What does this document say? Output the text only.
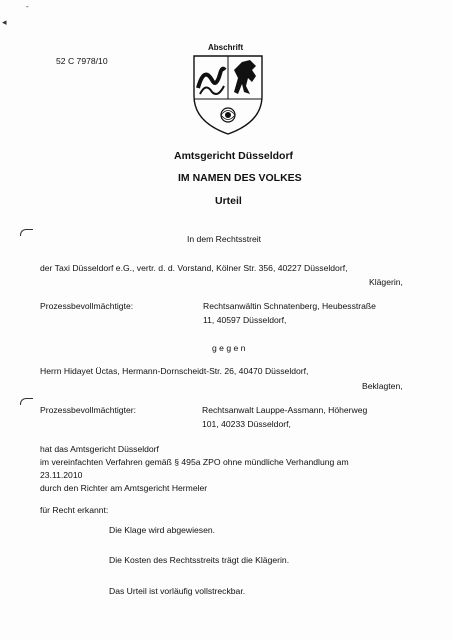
◂
-
Abschrift
52 C 7978/10
Amtsgericht Düsseldorf
IM NAMEN DES VOLKES
Urteil
In dem Rechtsstreit
der Taxi Düsseldorf e.G., vertr. d. d. Vorstand, Kölner Str. 356, 40227 Düsseldorf,
Klägerin,
Prozessbevollmächtigte:	Rechtsanwältin Schnatenberg, Heubesstraße
11, 40597 Düsseldorf,
g e g e n
Herrn Hidayet Üctas, Hermann-Dornscheidt-Str. 26, 40470 Düsseldorf,
Beklagten,
Prozessbevollmächtigter:	Rechtsanwalt Lauppe-Assmann, Höherweg
101, 40233 Düsseldorf,
hat das Amtsgericht Düsseldorf
im vereinfachten Verfahren gemäß § 495a ZPO ohne mündliche Verhandlung am
23.11.2010
durch den Richter am Amtsgericht Hermeler
für Recht erkannt:
Die Klage wird abgewiesen.
Die Kosten des Rechtsstreits trägt die Klägerin.
Das Urteil ist vorläufig vollstreckbar.
